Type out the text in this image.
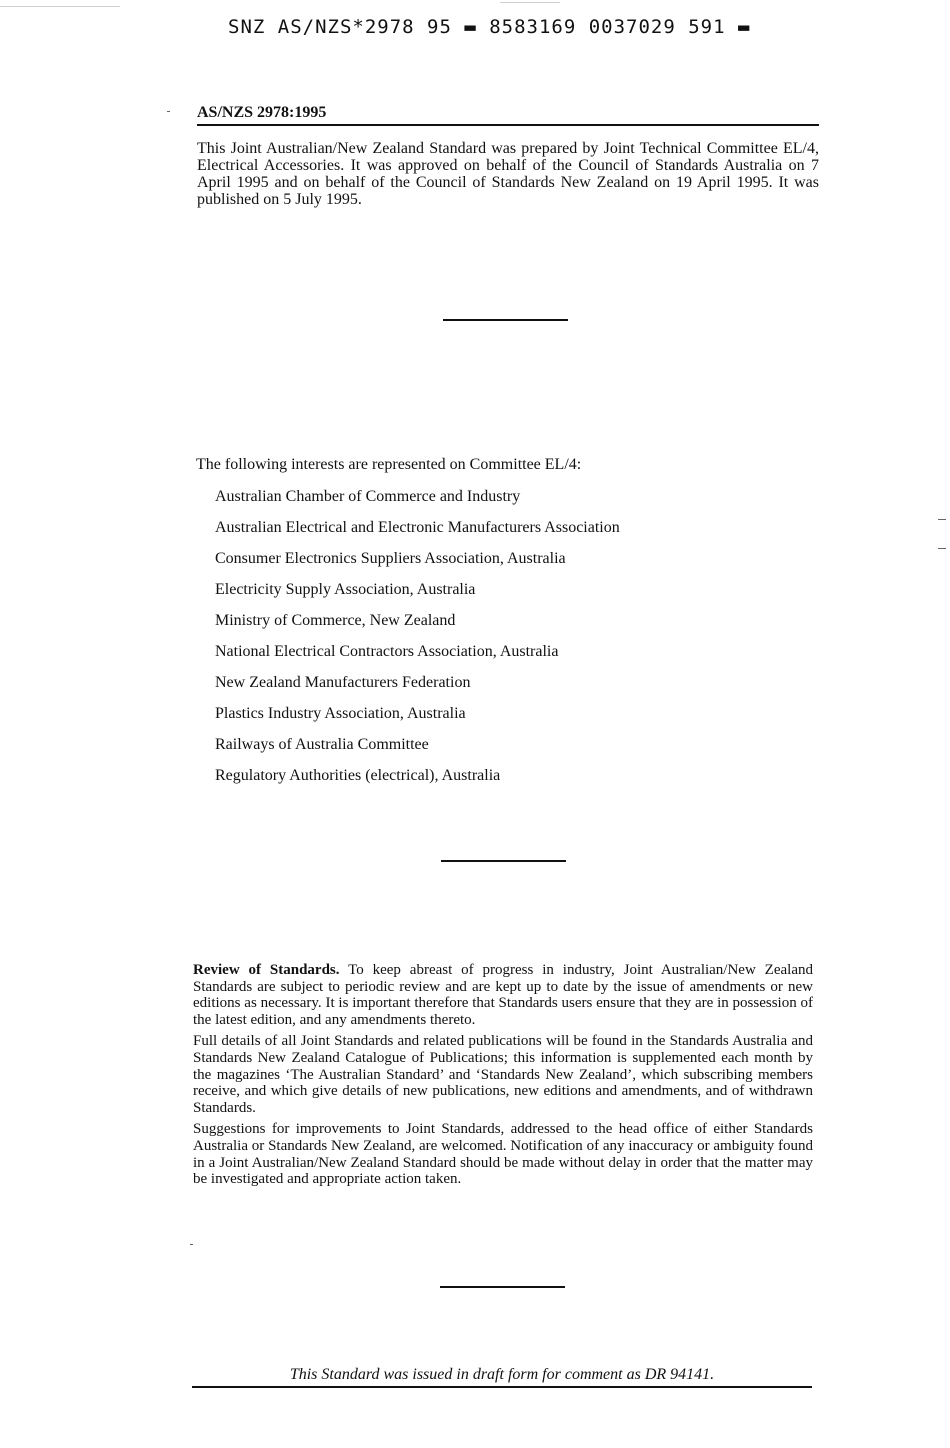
SNZ AS/NZS*2978 95 ▬ 8583169 0037029 591 ▬
AS/NZS 2978:1995
This Joint Australian/New Zealand Standard was prepared by Joint Technical Committee EL/4, Electrical Accessories. It was approved on behalf of the Council of Standards Australia on 7 April 1995 and on behalf of the Council of Standards New Zealand on 19 April 1995. It was published on 5 July 1995.
The following interests are represented on Committee EL/4:
Australian Chamber of Commerce and Industry
Australian Electrical and Electronic Manufacturers Association
Consumer Electronics Suppliers Association, Australia
Electricity Supply Association, Australia
Ministry of Commerce, New Zealand
National Electrical Contractors Association, Australia
New Zealand Manufacturers Federation
Plastics Industry Association, Australia
Railways of Australia Committee
Regulatory Authorities (electrical), Australia

Review of Standards. To keep abreast of progress in industry, Joint Australian/New Zealand Standards are subject to periodic review and are kept up to date by the issue of amendments or new editions as necessary. It is important therefore that Standards users ensure that they are in possession of the latest edition, and any amendments thereto.

Full details of all Joint Standards and related publications will be found in the Standards Australia and Standards New Zealand Catalogue of Publications; this information is supplemented each month by the magazines ‘The Australian Standard’ and ‘Standards New Zealand’, which subscribing members receive, and which give details of new publications, new editions and amendments, and of withdrawn Standards.

Suggestions for improvements to Joint Standards, addressed to the head office of either Standards Australia or Standards New Zealand, are welcomed. Notification of any inaccuracy or ambiguity found in a Joint Australian/New Zealand Standard should be made without delay in order that the matter may be investigated and appropriate action taken.

This Standard was issued in draft form for comment as DR 94141.
